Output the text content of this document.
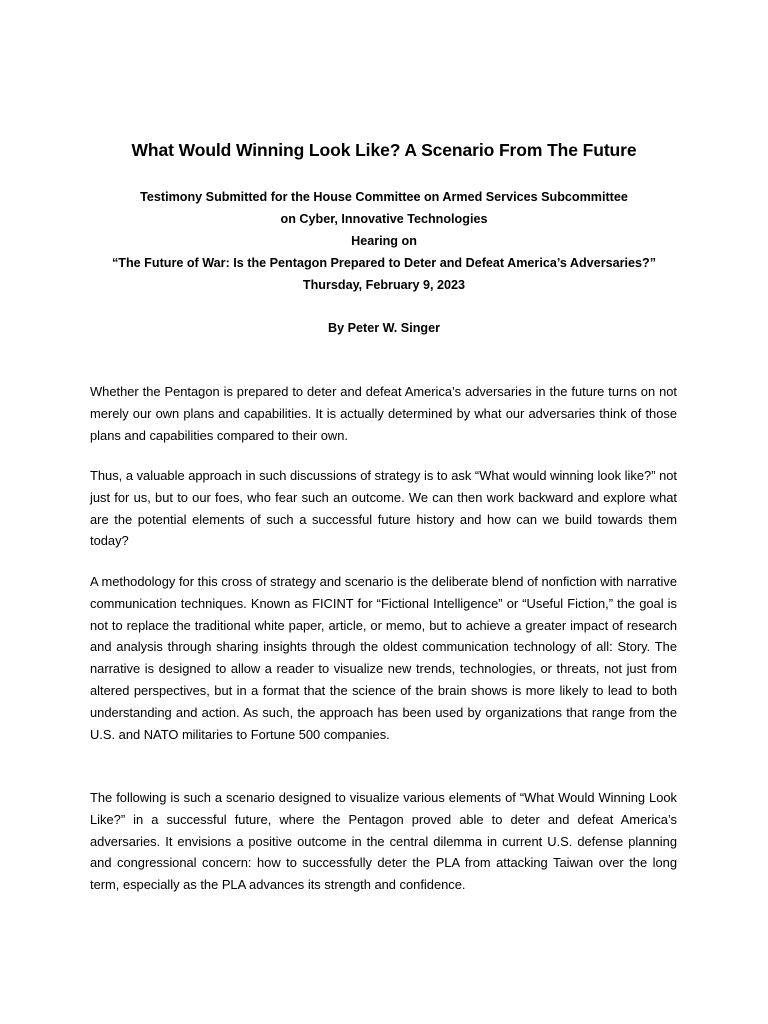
What Would Winning Look Like? A Scenario From The Future
Testimony Submitted for the House Committee on Armed Services Subcommittee
on Cyber, Innovative Technologies
Hearing on
“The Future of War: Is the Pentagon Prepared to Deter and Defeat America’s Adversaries?”
Thursday, February 9, 2023
By Peter W. Singer

Whether the Pentagon is prepared to deter and defeat America’s adversaries in the future turns on not merely our own plans and capabilities. It is actually determined by what our adversaries think of those plans and capabilities compared to their own.

Thus, a valuable approach in such discussions of strategy is to ask “What would winning look like?” not just for us, but to our foes, who fear such an outcome. We can then work backward and explore what are the potential elements of such a successful future history and how can we build towards them today?

A methodology for this cross of strategy and scenario is the deliberate blend of nonfiction with narrative communication techniques. Known as FICINT for “Fictional Intelligence” or “Useful Fiction,” the goal is not to replace the traditional white paper, article, or memo, but to achieve a greater impact of research and analysis through sharing insights through the oldest communication technology of all: Story. The narrative is designed to allow a reader to visualize new trends, technologies, or threats, not just from altered perspectives, but in a format that the science of the brain shows is more likely to lead to both understanding and action. As such, the approach has been used by organizations that range from the U.S. and NATO militaries to Fortune 500 companies.

The following is such a scenario designed to visualize various elements of “What Would Winning Look Like?” in a successful future, where the Pentagon proved able to deter and defeat America’s adversaries. It envisions a positive outcome in the central dilemma in current U.S. defense planning and congressional concern: how to successfully deter the PLA from attacking Taiwan over the long term, especially as the PLA advances its strength and confidence.
